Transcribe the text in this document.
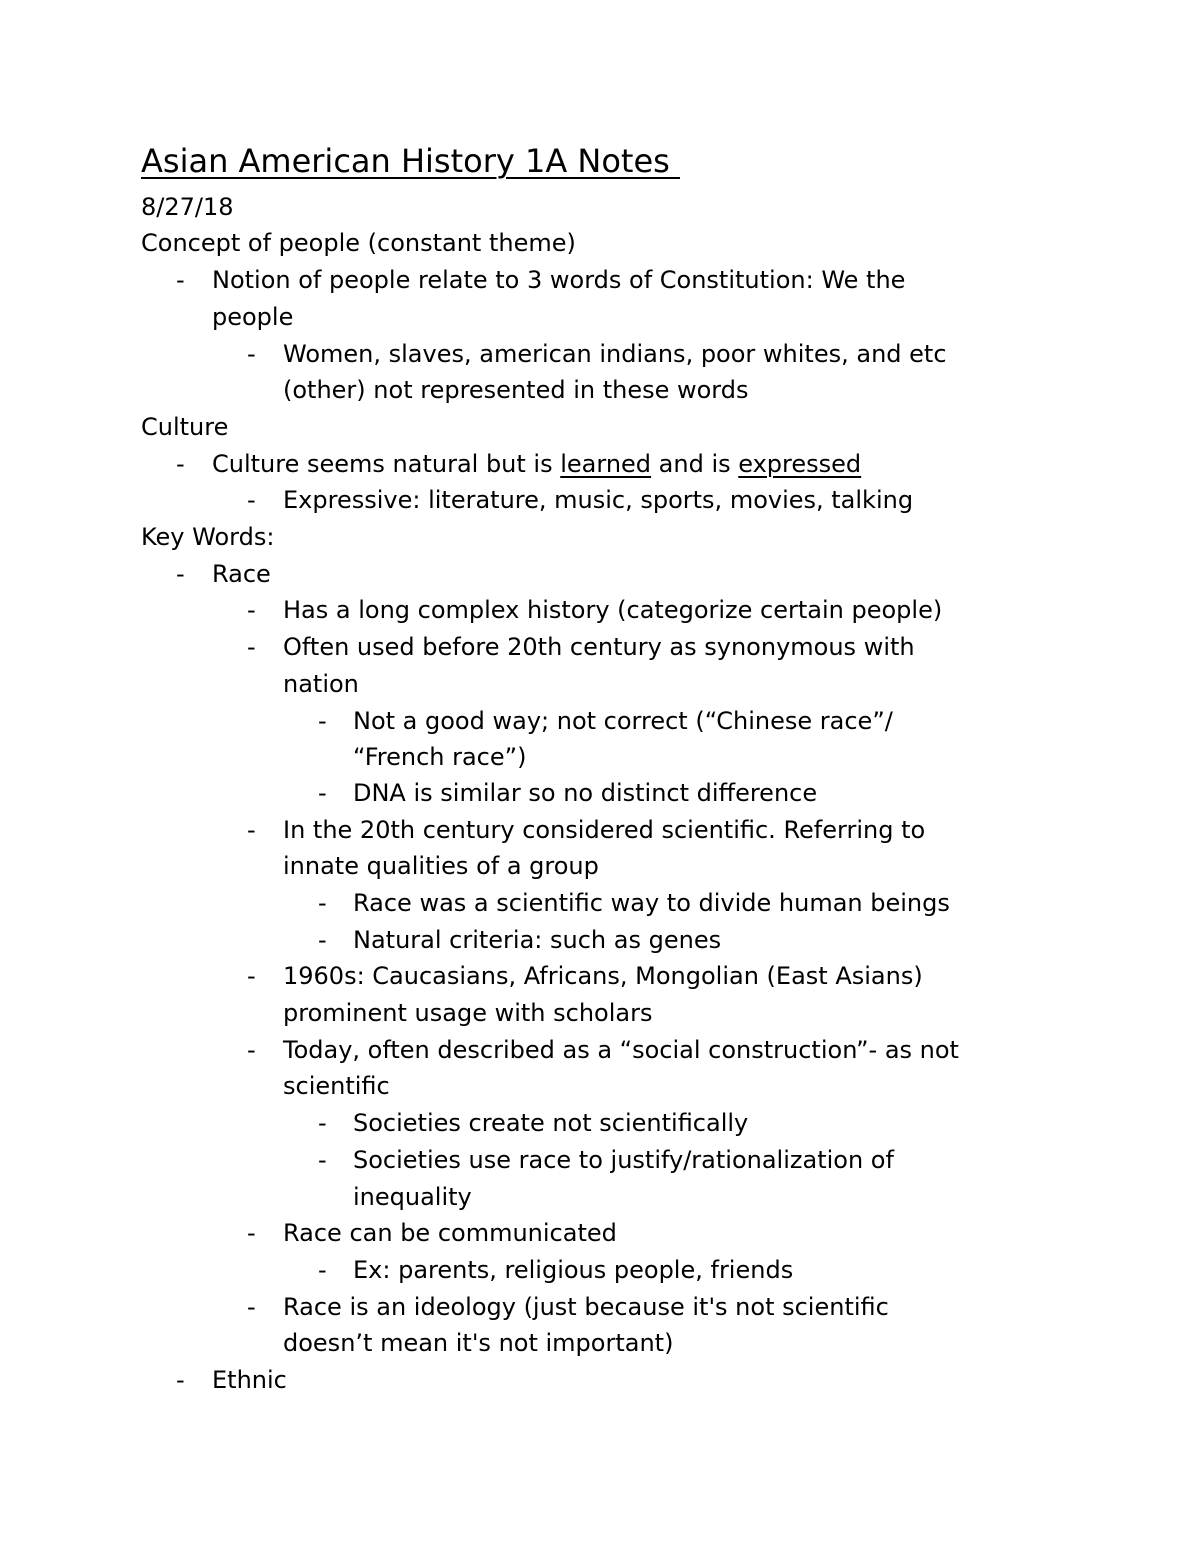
Asian American History 1A Notes
8/27/18
Concept of people (constant theme)
- Notion of people relate to 3 words of Constitution: We the
people
- Women, slaves, american indians, poor whites, and etc
(other) not represented in these words
Culture
- Culture seems natural but is learned and is expressed
- Expressive: literature, music, sports, movies, talking
Key Words:
- Race
- Has a long complex history (categorize certain people)
- Often used before 20th century as synonymous with
nation
- Not a good way; not correct (“Chinese race”/
“French race”)
- DNA is similar so no distinct difference
- In the 20th century considered scientific. Referring to
innate qualities of a group
- Race was a scientific way to divide human beings
- Natural criteria: such as genes
- 1960s: Caucasians, Africans, Mongolian (East Asians)
prominent usage with scholars
- Today, often described as a “social construction”- as not
scientific
- Societies create not scientifically
- Societies use race to justify/rationalization of
inequality
- Race can be communicated
- Ex: parents, religious people, friends
- Race is an ideology (just because it's not scientific
doesn’t mean it's not important)
- Ethnic
